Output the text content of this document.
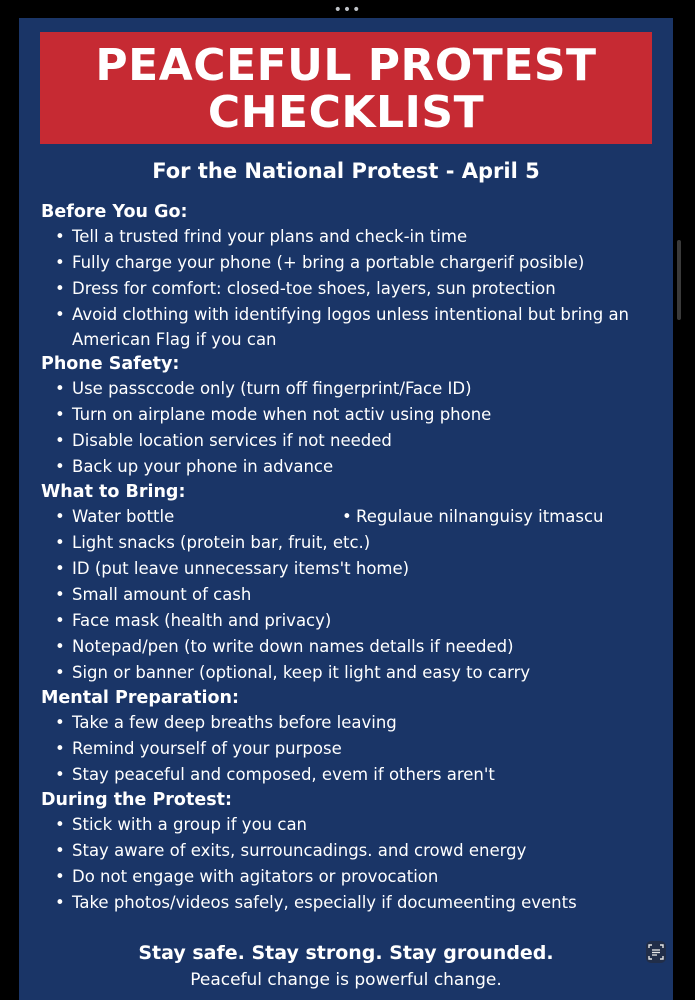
•••
PEACEFUL PROTEST
CHECKLIST
For the National Protest - April 5

Before You Go:

• Tell a trusted frind your plans and check-in time
• Fully charge your phone (+ bring a portable chargerif posible)
• Dress for comfort: closed-toe shoes, layers, sun protection
• Avoid clothing with identifying logos unless intentional but bring an American Flag if you can

Phone Safety:

• Use passccode only (turn off fingerprint/Face ID)
• Turn on airplane mode when not activ using phone
• Disable location services if not needed
• Back up your phone in advance

What to Bring:

• Water bottle•	Regulaue nilnanguisy itmascu
• Light snacks (protein bar, fruit, etc.)
• ID (put leave unnecessary items't home)
• Small amount of cash
• Face mask (health and privacy)
• Notepad/pen (to write down names detalls if needed)
• Sign or banner (optional, keep it light and easy to carry

Mental Preparation:

• Take a few deep breaths before leaving
• Remind yourself of your purpose
• Stay peaceful and composed, evem if others aren't

During the Protest:

• Stick with a group if you can
• Stay aware of exits, surrouncadings. and crowd energy
• Do not engage with agitators or provocation
• Take photos/videos safely, especially if documeenting events
Stay safe. Stay strong. Stay grounded.
Peaceful change is powerful change.
